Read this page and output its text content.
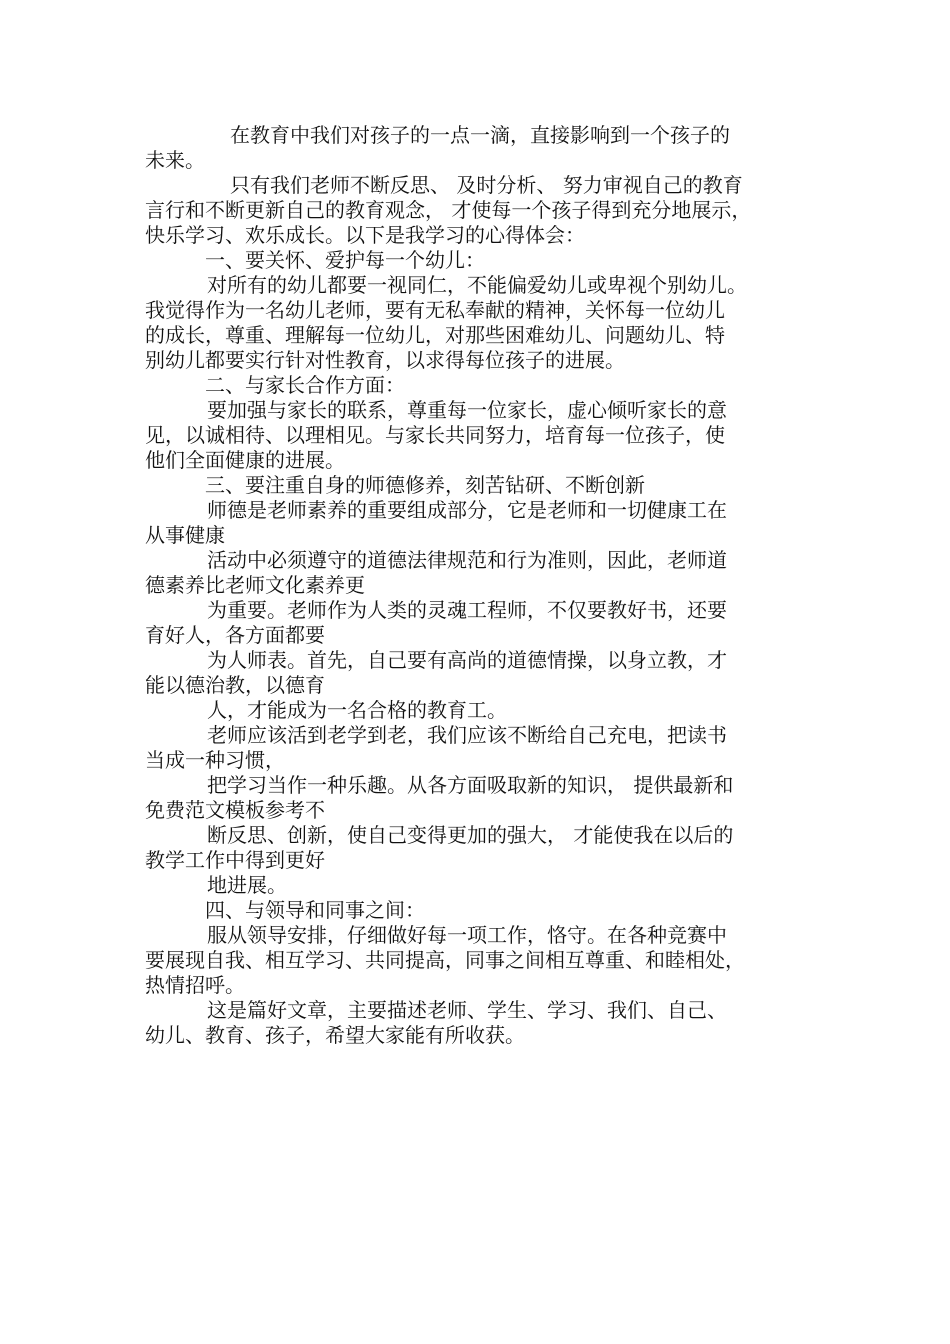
在教育中我们对孩子的一点一滴，直接影响到一个孩子的
未来。
只有我们老师不断反思、 及时分析、 努力审视自己的教育
言行和不断更新自己的教育观念， 才使每一个孩子得到充分地展示，
快乐学习、欢乐成长。以下是我学习的心得体会：
一、要关怀、爱护每一个幼儿：
对所有的幼儿都要一视同仁，不能偏爱幼儿或卑视个别幼儿。
我觉得作为一名幼儿老师，要有无私奉献的精神，关怀每一位幼儿
的成长，尊重、理解每一位幼儿，对那些困难幼儿、问题幼儿、特
别幼儿都要实行针对性教育，以求得每位孩子的进展。
二、与家长合作方面：
要加强与家长的联系，尊重每一位家长，虚心倾听家长的意
见，以诚相待、以理相见。与家长共同努力，培育每一位孩子，使
他们全面健康的进展。
三、要注重自身的师德修养，刻苦钻研、不断创新
师德是老师素养的重要组成部分，它是老师和一切健康工在
从事健康
活动中必须遵守的道德法律规范和行为准则，因此，老师道
德素养比老师文化素养更
为重要。老师作为人类的灵魂工程师，不仅要教好书，还要
育好人，各方面都要
为人师表。首先，自己要有高尚的道德情操，以身立教，才
能以德治教，以德育
人，才能成为一名合格的教育工。
老师应该活到老学到老，我们应该不断给自己充电，把读书
当成一种习惯，
把学习当作一种乐趣。从各方面吸取新的知识， 提供最新和
免费范文模板参考不
断反思、创新，使自己变得更加的强大， 才能使我在以后的
教学工作中得到更好
地进展。
四、与领导和同事之间：
服从领导安排，仔细做好每一项工作，恪守。在各种竞赛中
要展现自我、相互学习、共同提高，同事之间相互尊重、和睦相处，
热情招呼。
这是篇好文章，主要描述老师、学生、学习、我们、自己、
幼儿、教育、孩子，希望大家能有所收获。
